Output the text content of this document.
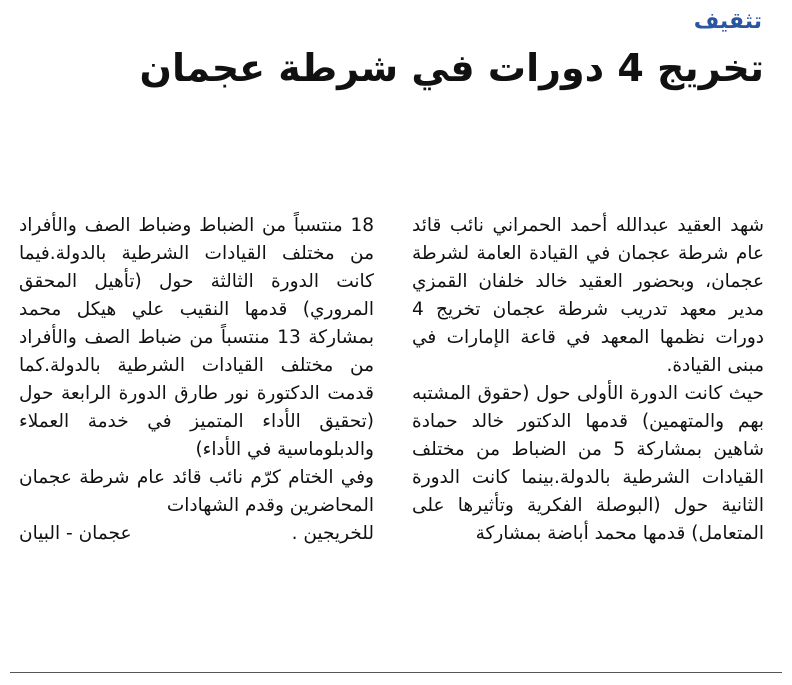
تثقيف
تخريج 4 دورات في شرطة عجمان

شهد العقيد عبدالله أحمد الحمراني نائب قائد عام شرطة عجمان في القيادة العامة لشرطة عجمان، وبحضور العقيد خالد خلفان القمزي مدير معهد تدريب شرطة عجمان تخريج 4 دورات نظمها المعهد في قاعة الإمارات في مبنى القيادة.

حيث كانت الدورة الأولى حول (حقوق المشتبه بهم والمتهمين) قدمها الدكتور خالد حمادة شاهين بمشاركة 5 من الضباط من مختلف القيادات الشرطية بالدولة.بينما كانت الدورة الثانية حول (البوصلة الفكرية وتأثيرها على المتعامل) قدمها محمد أباضة بمشاركة

18 منتسباً من الضباط وضباط الصف والأفراد من مختلف القيادات الشرطية بالدولة.فيما كانت الدورة الثالثة حول (تأهيل المحقق المروري) قدمها النقيب علي هيكل محمد بمشاركة 13 منتسباً من ضباط الصف والأفراد من مختلف القيادات الشرطية بالدولة.كما قدمت الدكتورة نور طارق الدورة الرابعة حول (تحقيق الأداء المتميز في خدمة العملاء والدبلوماسية في الأداء)

وفي الختام كرّم نائب قائد عام شرطة عجمان المحاضرين وقدم الشهادات

للخريجين .
عجمان - البيان
